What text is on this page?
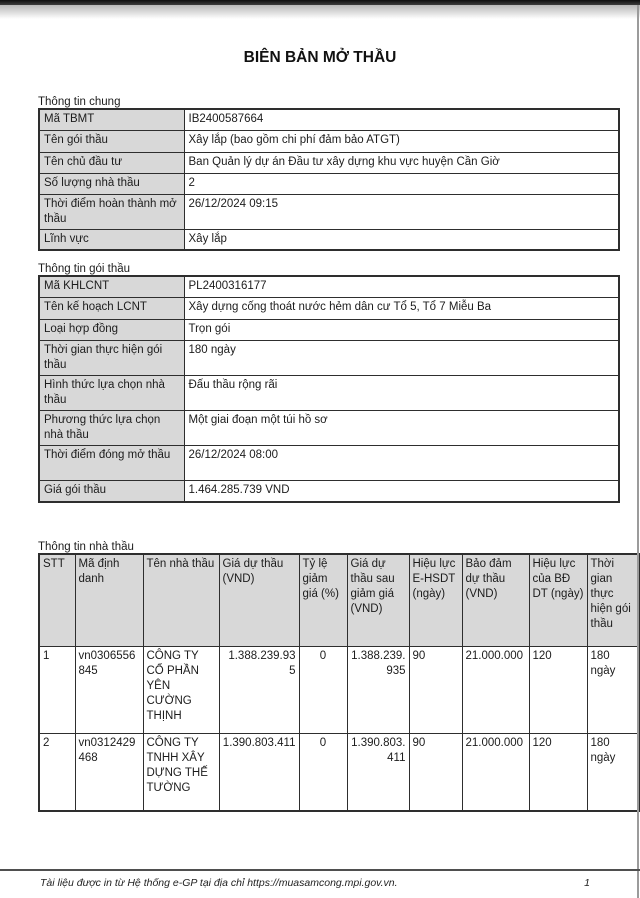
BIÊN BẢN MỞ THẦU
Thông tin chung
Mã TBMT	IB2400587664
Tên gói thầu	Xây lắp (bao gồm chi phí đảm bảo ATGT)
Tên chủ đầu tư	Ban Quản lý dự án Đầu tư xây dựng khu vực huyện Cần Giờ
Số lượng nhà thầu	2
Thời điểm hoàn thành mở thầu	26/12/2024 09:15
Lĩnh vực	Xây lắp
Thông tin gói thầu
Mã KHLCNT	PL2400316177
Tên kế hoạch LCNT	Xây dựng cống thoát nước hẻm dân cư Tổ 5, Tổ 7 Miễu Ba
Loại hợp đồng	Trọn gói
Thời gian thực hiện gói thầu	180 ngày
Hình thức lựa chọn nhà thầu	Đấu thầu rộng rãi
Phương thức lựa chọn nhà thầu	Một giai đoạn một túi hồ sơ
Thời điểm đóng mở thầu	26/12/2024 08:00
Giá gói thầu	1.464.285.739 VND
Thông tin nhà thầu
STT	Mã định danh	Tên nhà thầu	Giá dự thầu (VND)	Tỷ lệ giảm giá (%)	Giá dự thầu sau giảm giá (VND)	Hiệu lực E-HSDT (ngày)	Bảo đảm dự thầu (VND)	Hiệu lực của BĐ DT (ngày)	Thời gian thực hiện gói thầu
1	vn0306556845	CÔNG TY CỔ PHẦN YÊN CƯỜNG THỊNH	1.388.239.935	0	1.388.239.935	90	21.000.000	120	180 ngày
2	vn0312429468	CÔNG TY TNHH XÂY DỰNG THẾ TƯỜNG	1.390.803.411	0	1.390.803.411	90	21.000.000	120	180 ngày
Tài liệu được in từ Hệ thống e-GP tại địa chỉ https://muasamcong.mpi.gov.vn.	1
